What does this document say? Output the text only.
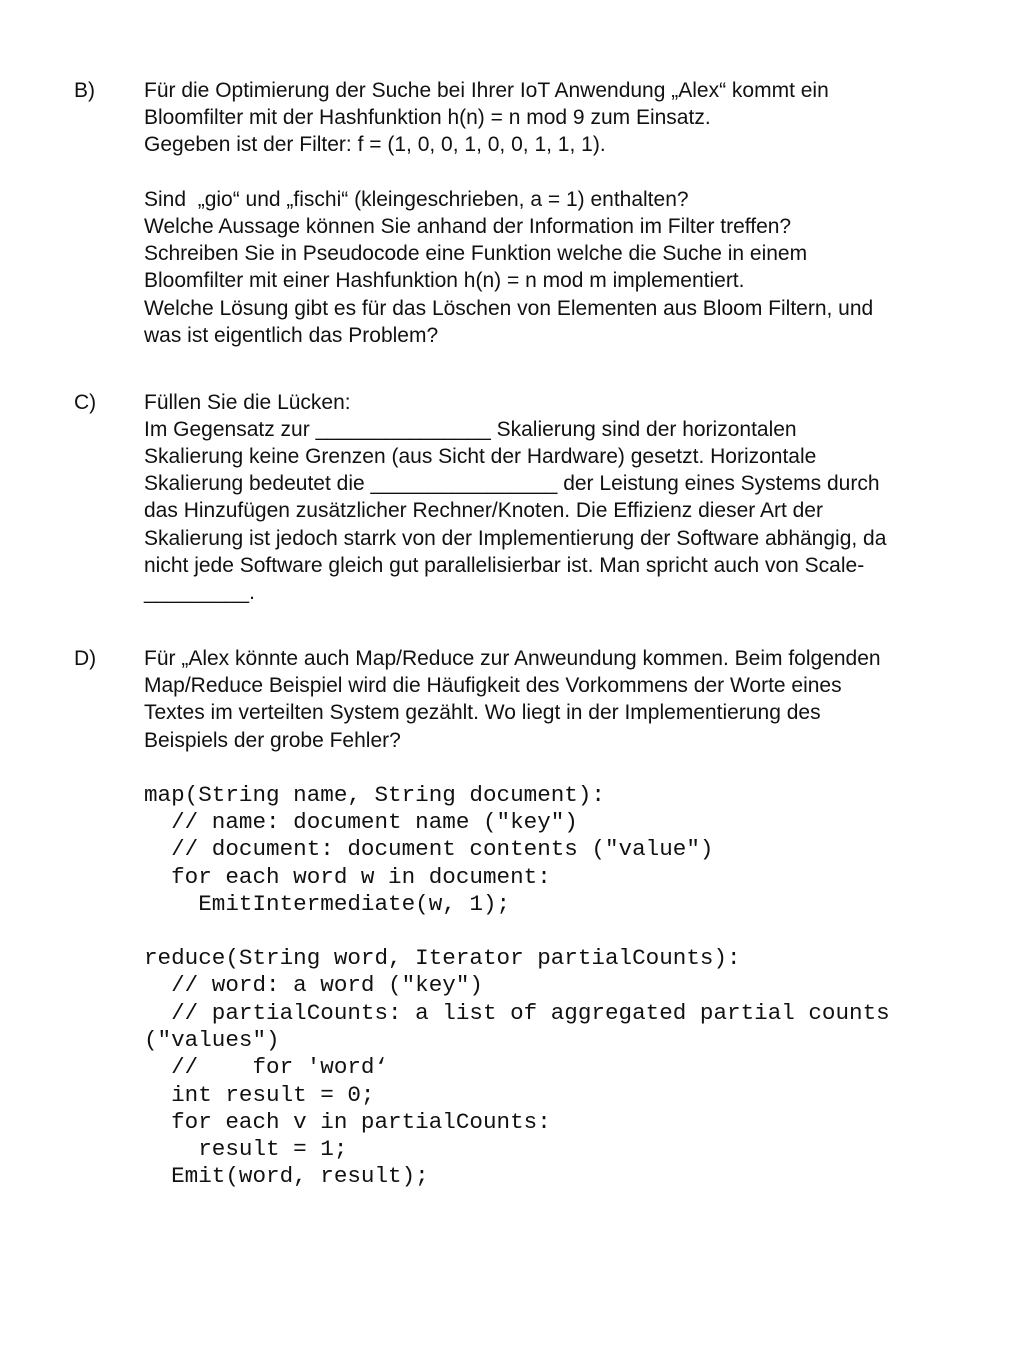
B) Für die Optimierung der Suche bei Ihrer IoT Anwendung „Alex“ kommt ein

Bloomfilter mit der Hashfunktion h(n) = n mod 9 zum Einsatz.

Gegeben ist der Filter: f = (1, 0, 0, 1, 0, 0, 1, 1, 1).

Sind  „gio“ und „fischi“ (kleingeschrieben, a = 1) enthalten?

Welche Aussage können Sie anhand der Information im Filter treffen?

Schreiben Sie in Pseudocode eine Funktion welche die Suche in einem

Bloomfilter mit einer Hashfunktion h(n) = n mod m implementiert.

Welche Lösung gibt es für das Löschen von Elementen aus Bloom Filtern, und

was ist eigentlich das Problem?

C) Füllen Sie die Lücken:

Im Gegensatz zur _______________ Skalierung sind der horizontalen

Skalierung keine Grenzen (aus Sicht der Hardware) gesetzt. Horizontale

Skalierung bedeutet die ________________ der Leistung eines Systems durch

das Hinzufügen zusätzlicher Rechner/Knoten. Die Effizienz dieser Art der

Skalierung ist jedoch starrk von der Implementierung der Software abhängig, da

nicht jede Software gleich gut parallelisierbar ist. Man spricht auch von Scale-

_________.

D) Für „Alex könnte auch Map/Reduce zur Anweundung kommen. Beim folgenden

Map/Reduce Beispiel wird die Häufigkeit des Vorkommens der Worte eines

Textes im verteilten System gezählt. Wo liegt in der Implementierung des

Beispiels der grobe Fehler?

map(String name, String document):

// name: document name ("key")

// document: document contents ("value")

for each word w in document:

EmitIntermediate(w, 1);

reduce(String word, Iterator partialCounts):

// word: a word ("key")

// partialCounts: a list of aggregated partial counts

("values")

//    for 'word‘

int result = 0;

for each v in partialCounts:

result = 1;

Emit(word, result);
